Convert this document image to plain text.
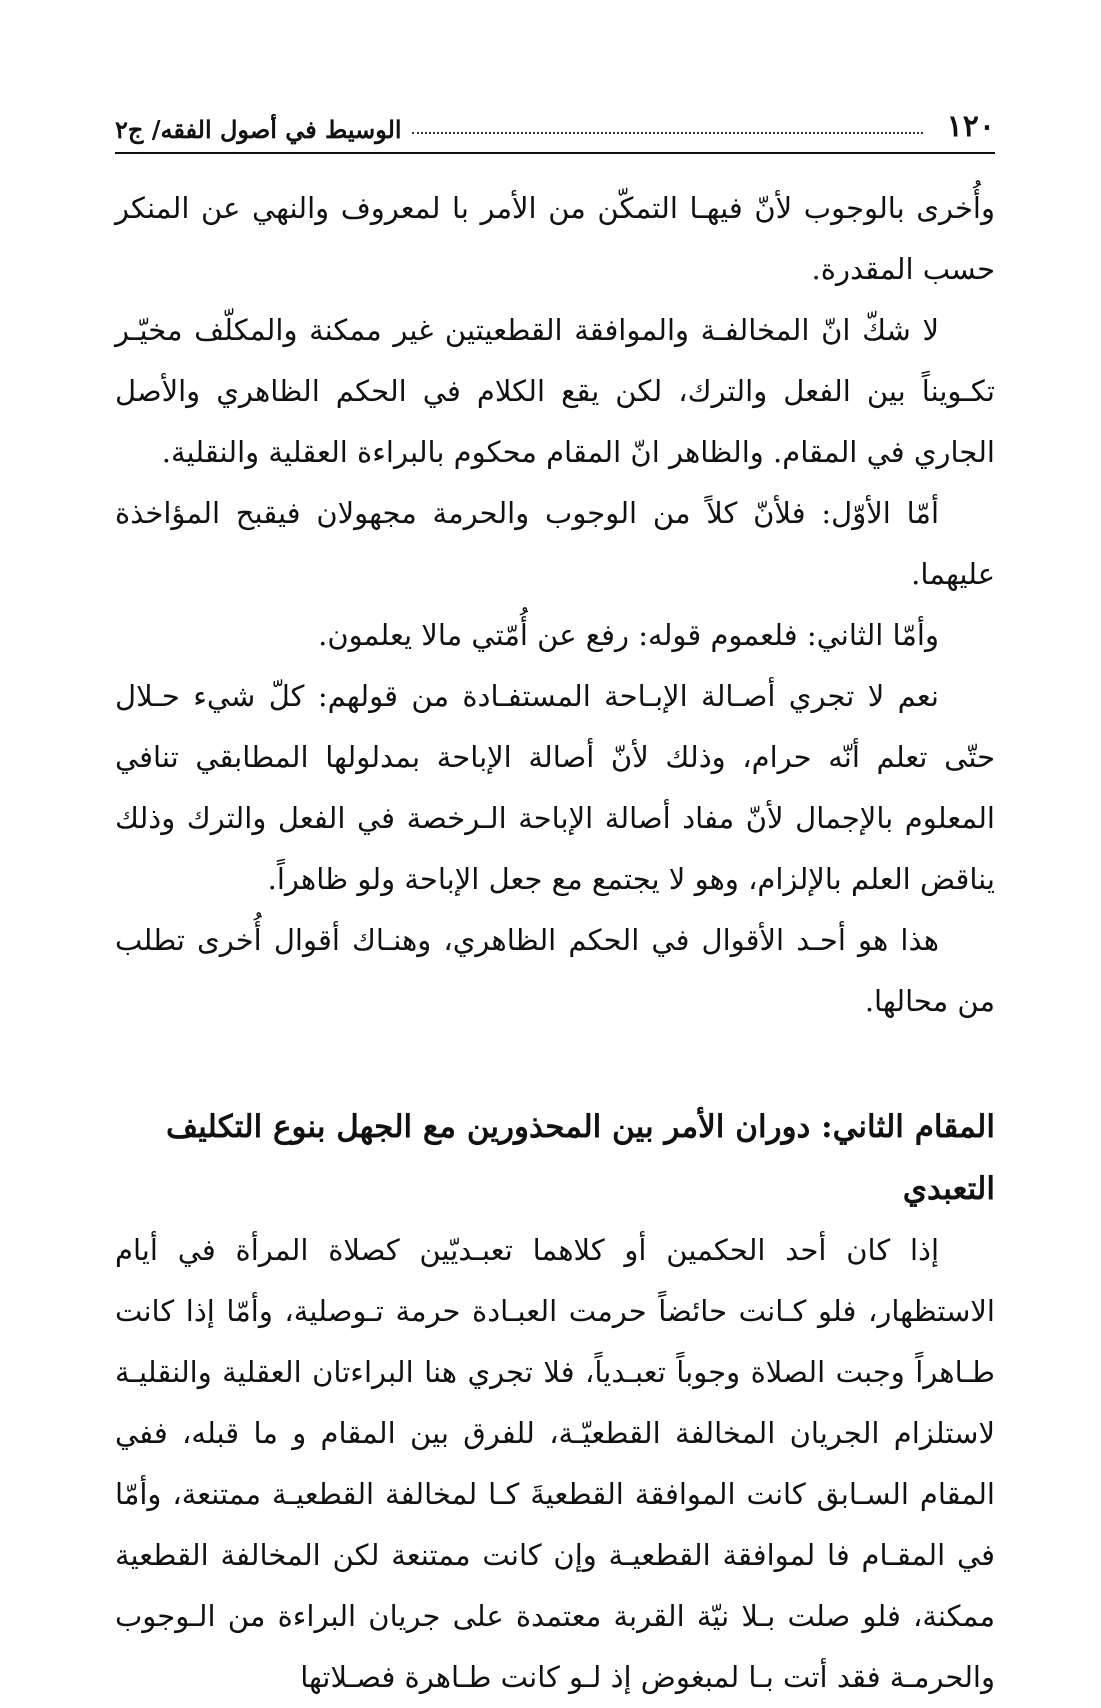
١٢٠
الوسيط في أصول الفقه/ ج٢

وأُخرى بالوجوب لأنّ فيهـا التمكّن من الأمر با لمعروف والنهي عن المنكر حسب المقدرة.

لا شكّ انّ المخالفـة والموافقة القطعيتين غير ممكنة والمكلّف مخيّـر تكـويناً بين الفعل والترك، لكن يقع الكلام في الحكم الظاهري والأصل الجاري في المقام. والظاهر انّ المقام محكوم بالبراءة العقلية والنقلية.

أمّا الأوّل: فلأنّ كلاً من الوجوب والحرمة مجهولان فيقبح المؤاخذة عليهما.

وأمّا الثاني: فلعموم قوله: رفع عن أُمّتي مالا يعلمون.

نعم لا تجري أصـالة الإبـاحة المستفـادة من قولهم: كلّ شيء حـلال حتّى تعلم أنّه حرام، وذلك لأنّ أصالة الإباحة بمدلولها المطابقي تنافي المعلوم بالإجمال لأنّ مفاد أصالة الإباحة الـرخصة في الفعل والترك وذلك يناقض العلم بالإلزام، وهو لا يجتمع مع جعل الإباحة ولو ظاهراً.

هذا هو أحـد الأقوال في الحكم الظاهري، وهنـاك أقوال أُخرى تطلب من محالها.

المقام الثاني: دوران الأمر بين المحذورين مع الجهل بنوع التكليف التعبدي

إذا كان أحد الحكمين أو كلاهما تعبـديّين كصلاة المرأة في أيام الاستظهار، فلو كـانت حائضاً حرمت العبـادة حرمة تـوصلية، وأمّا إذا كانت طـاهراً وجبت الصلاة وجوباً تعبـدياً، فلا تجري هنا البراءتان العقلية والنقليـة لاستلزام الجريان المخالفة القطعيّـة، للفرق بين المقام و ما قبله، ففي المقام السـابق كانت الموافقة القطعيةَ كـا لمخالفة القطعيـة ممتنعة، وأمّا في المقـام فا لموافقة القطعيـة وإن كانت ممتنعة لكن المخالفة القطعية ممكنة، فلو صلت بـلا نيّة القربة معتمدة على جريان البراءة من الـوجوب والحرمـة فقد أتت بـا لمبغوض إذ لـو كانت طـاهرة فصـلاتها
